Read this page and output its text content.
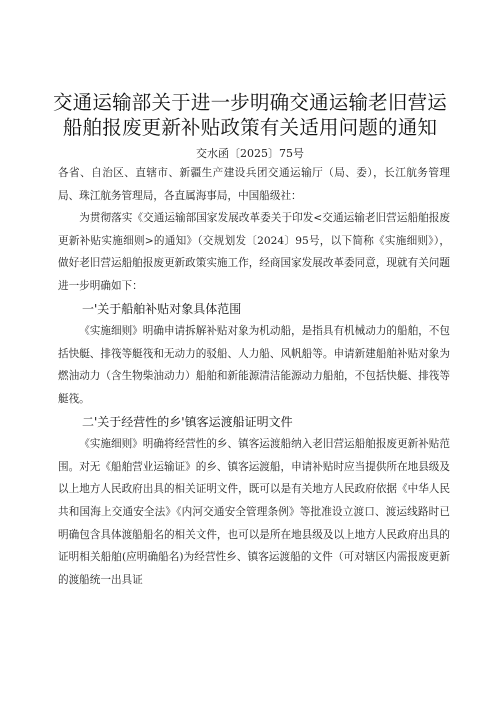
交通运输部关于进一步明确交通运输老旧营运
船舶报废更新补贴政策有关适用问题的通知
交水函〔2025〕75号

各省、自治区、直辖市、新疆生产建设兵团交通运输厅（局、委），长江航务管理局、珠江航务管理局，各直属海事局，中国船级社：

为贯彻落实《交通运输部国家发展改革委关于印发<交通运输老旧营运船舶报废更新补贴实施细则>的通知》（交规划发〔2024〕95号，以下简称《实施细则》），做好老旧营运船舶报废更新政策实施工作，经商国家发展改革委同意，现就有关问题进一步明确如下：

一'关于船舶补贴对象具体范围

《实施细则》明确申请拆解补贴对象为机动船，是指具有机械动力的船舶，不包括快艇、排筏等艇筏和无动力的驳船、人力船、风帆船等。申请新建船舶补贴对象为燃油动力（含生物柴油动力）船舶和新能源清洁能源动力船舶，不包括快艇、排筏等艇筏。

二'关于经营性的乡'镇客运渡船证明文件

《实施细则》明确将经营性的乡、镇客运渡船纳入老旧营运船舶报废更新补贴范围。对无《船舶营业运输证》的乡、镇客运渡船，申请补贴时应当提供所在地县级及以上地方人民政府出具的相关证明文件，既可以是有关地方人民政府依据《中华人民共和国海上交通安全法》《内河交通安全管理条例》等批准设立渡口、渡运线路时已明确包含具体渡船船名的相关文件，也可以是所在地县级及以上地方人民政府出具的证明相关船舶(应明确船名)为经营性乡、镇客运渡船的文件（可对辖区内需报废更新的渡船统一出具证
